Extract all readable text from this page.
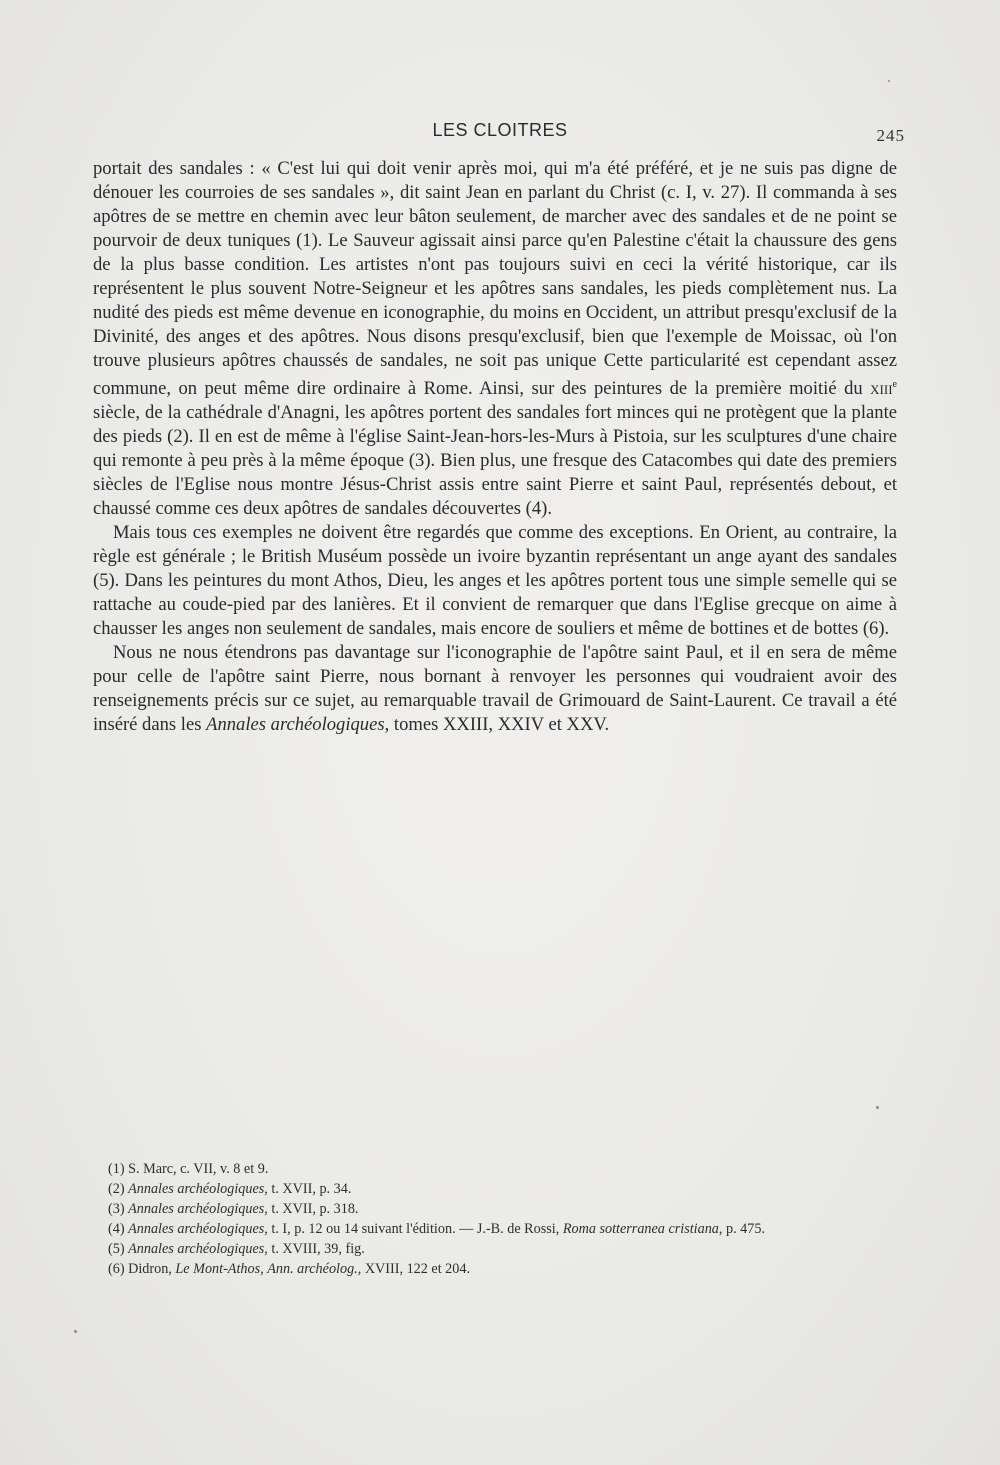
LES CLOITRES	245

portait des sandales : « C'est lui qui doit venir après moi, qui m'a été préféré, et je ne suis pas digne de dénouer les courroies de ses sandales », dit saint Jean en parlant du Christ (c. I, v. 27). Il commanda à ses apôtres de se mettre en chemin avec leur bâton seulement, de marcher avec des sandales et de ne point se pourvoir de deux tuniques (1). Le Sauveur agissait ainsi parce qu'en Palestine c'était la chaussure des gens de la plus basse condition. Les artistes n'ont pas toujours suivi en ceci la vérité historique, car ils représentent le plus souvent Notre-Seigneur et les apôtres sans sandales, les pieds complètement nus. La nudité des pieds est même devenue en iconographie, du moins en Occident, un attribut presqu'exclusif de la Divinité, des anges et des apôtres. Nous disons presqu'exclusif, bien que l'exemple de Moissac, où l'on trouve plusieurs apôtres chaussés de sandales, ne soit pas unique Cette particularité est cependant assez commune, on peut même dire ordinaire à Rome. Ainsi, sur des peintures de la première moitié du xiii$^e$ siècle, de la cathédrale d'Anagni, les apôtres portent des sandales fort minces qui ne protègent que la plante des pieds (2). Il en est de même à l'église Saint-Jean-hors-les-Murs à Pistoia, sur les sculptures d'une chaire qui remonte à peu près à la même époque (3). Bien plus, une fresque des Catacombes qui date des premiers siècles de l'Eglise nous montre Jésus-Christ assis entre saint Pierre et saint Paul, représentés debout, et chaussé comme ces deux apôtres de sandales découvertes (4).

Mais tous ces exemples ne doivent être regardés que comme des exceptions. En Orient, au contraire, la règle est générale ; le British Muséum possède un ivoire byzantin représentant un ange ayant des sandales (5). Dans les peintures du mont Athos, Dieu, les anges et les apôtres portent tous une simple semelle qui se rattache au coude-pied par des lanières. Et il convient de remarquer que dans l'Eglise grecque on aime à chausser les anges non seulement de sandales, mais encore de souliers et même de bottines et de bottes (6).

Nous ne nous étendrons pas davantage sur l'iconographie de l'apôtre saint Paul, et il en sera de même pour celle de l'apôtre saint Pierre, nous bornant à renvoyer les personnes qui voudraient avoir des renseignements précis sur ce sujet, au remarquable travail de Grimouard de Saint-Laurent. Ce travail a été inséré dans les Annales archéologiques, tomes XXIII, XXIV et XXV.

(1) S. Marc, c. VII, v. 8 et 9.

(2) Annales archéologiques, t. XVII, p. 34.

(3) Annales archéologiques, t. XVII, p. 318.

(4) Annales archéologiques, t. I, p. 12 ou 14 suivant l'édition. — J.-B. de Rossi, Roma sotterranea cristiana, p. 475.

(5) Annales archéologiques, t. XVIII, 39, fig.

(6) Didron, Le Mont-Athos, Ann. archéolog., XVIII, 122 et 204.
